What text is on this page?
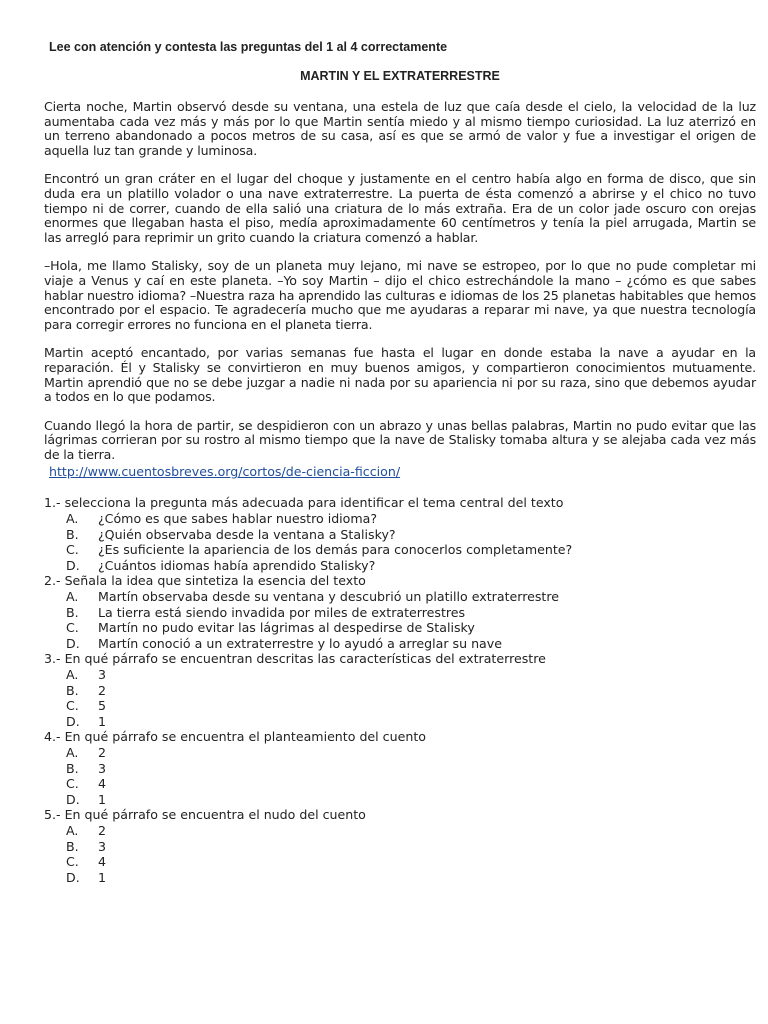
Lee con atención y contesta las preguntas del 1 al 4 correctamente
MARTIN Y EL EXTRATERRESTRE

Cierta noche, Martin observó desde su ventana, una estela de luz que caía desde el cielo, la velocidad de la luz aumentaba cada vez más y más por lo que Martin sentía miedo y al mismo tiempo curiosidad. La luz aterrizó en un terreno abandonado a pocos metros de su casa, así es que se armó de valor y fue a investigar el origen de aquella luz tan grande y luminosa.

Encontró un gran cráter en el lugar del choque y justamente en el centro había algo en forma de disco, que sin duda era un platillo volador o una nave extraterrestre. La puerta de ésta comenzó a abrirse y el chico no tuvo tiempo ni de correr, cuando de ella salió una criatura de lo más extraña. Era de un color jade oscuro con orejas enormes que llegaban hasta el piso, medía aproximadamente 60 centímetros y tenía la piel arrugada, Martin se las arregló para reprimir un grito cuando la criatura comenzó a hablar.

–Hola, me llamo Stalisky, soy de un planeta muy lejano, mi nave se estropeo, por lo que no pude completar mi viaje a Venus y caí en este planeta. –Yo soy Martin – dijo el chico estrechándole la mano – ¿cómo es que sabes hablar nuestro idioma? –Nuestra raza ha aprendido las culturas e idiomas de los 25 planetas habitables que hemos encontrado por el espacio. Te agradecería mucho que me ayudaras a reparar mi nave, ya que nuestra tecnología para corregir errores no funciona en el planeta tierra.

Martin aceptó encantado, por varias semanas fue hasta el lugar en donde estaba la nave a ayudar en la reparación. Él y Stalisky se convirtieron en muy buenos amigos, y compartieron conocimientos mutuamente. Martin aprendió que no se debe juzgar a nadie ni nada por su apariencia ni por su raza, sino que debemos ayudar a todos en lo que podamos.

Cuando llegó la hora de partir, se despidieron con un abrazo y unas bellas palabras, Martin no pudo evitar que las lágrimas corrieran por su rostro al mismo tiempo que la nave de Stalisky tomaba altura y se alejaba cada vez más de la tierra.

http://www.cuentosbreves.org/cortos/de-ciencia-ficcion/

1.- selecciona la pregunta más adecuada para identificar el tema central del texto

A. ¿Cómo es que sabes hablar nuestro idioma?
B. ¿Quién observaba desde la ventana a Stalisky?
C. ¿Es suficiente la apariencia de los demás para conocerlos completamente?
D. ¿Cuántos idiomas había aprendido Stalisky?

2.- Señala la idea que sintetiza la esencia del texto

A. Martín observaba desde su ventana y descubrió un platillo extraterrestre
B. La tierra está siendo invadida por miles de extraterrestres
C. Martín no pudo evitar las lágrimas al despedirse de Stalisky
D. Martín conoció a un extraterrestre y lo ayudó a arreglar su nave

3.- En qué párrafo se encuentran descritas las características del extraterrestre

A. 3
B. 2
C. 5
D. 1

4.- En qué párrafo se encuentra el planteamiento del cuento

A. 2
B. 3
C. 4
D. 1

5.- En qué párrafo se encuentra el nudo del cuento

A. 2
B. 3
C. 4
D. 1
